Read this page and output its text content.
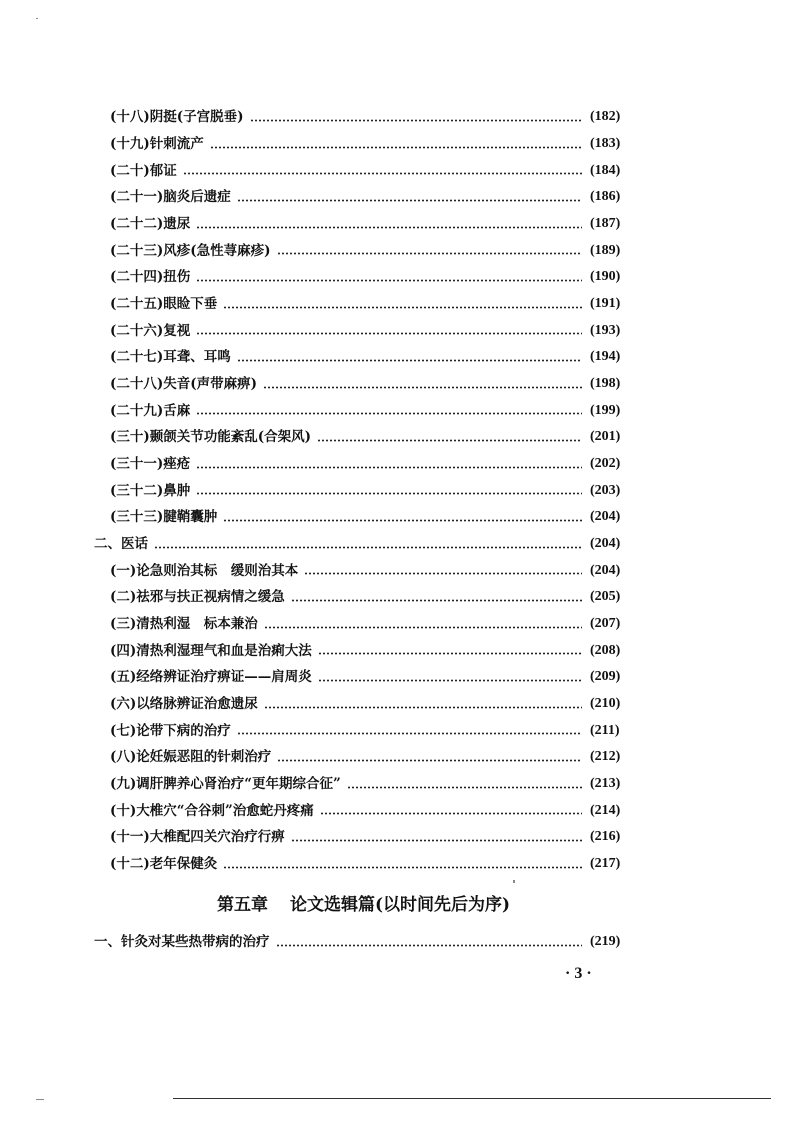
(十八)阴挺(子宫脱垂)	(182)
(十九)针刺流产	(183)
(二十)郁证	(184)
(二十一)脑炎后遗症	(186)
(二十二)遗尿	(187)
(二十三)风疹(急性荨麻疹)	(189)
(二十四)扭伤	(190)
(二十五)眼睑下垂	(191)
(二十六)复视	(193)
(二十七)耳聋、耳鸣	(194)
(二十八)失音(声带麻痹)	(198)
(二十九)舌麻	(199)
(三十)颞颌关节功能紊乱(合架风)	(201)
(三十一)痤疮	(202)
(三十二)鼻肿	(203)
(三十三)腱鞘囊肿	(204)
二、医话	(204)
(一)论急则治其标　缓则治其本	(204)
(二)祛邪与扶正视病情之缓急	(205)
(三)清热利湿　标本兼治	(207)
(四)清热利湿理气和血是治痢大法	(208)
(五)经络辨证治疗痹证——肩周炎	(209)
(六)以络脉辨证治愈遗尿	(210)
(七)论带下病的治疗	(211)
(八)论妊娠恶阻的针刺治疗	(212)
(九)调肝脾养心肾治疗“更年期综合征”	(213)
(十)大椎穴“合谷刺”治愈蛇丹疼痛	(214)
(十一)大椎配四关穴治疗行痹	(216)
(十二)老年保健灸	(217)
第五章 论文选辑篇(以时间先后为序)
一、针灸对某些热带病的治疗	(219)
· 3 ·
